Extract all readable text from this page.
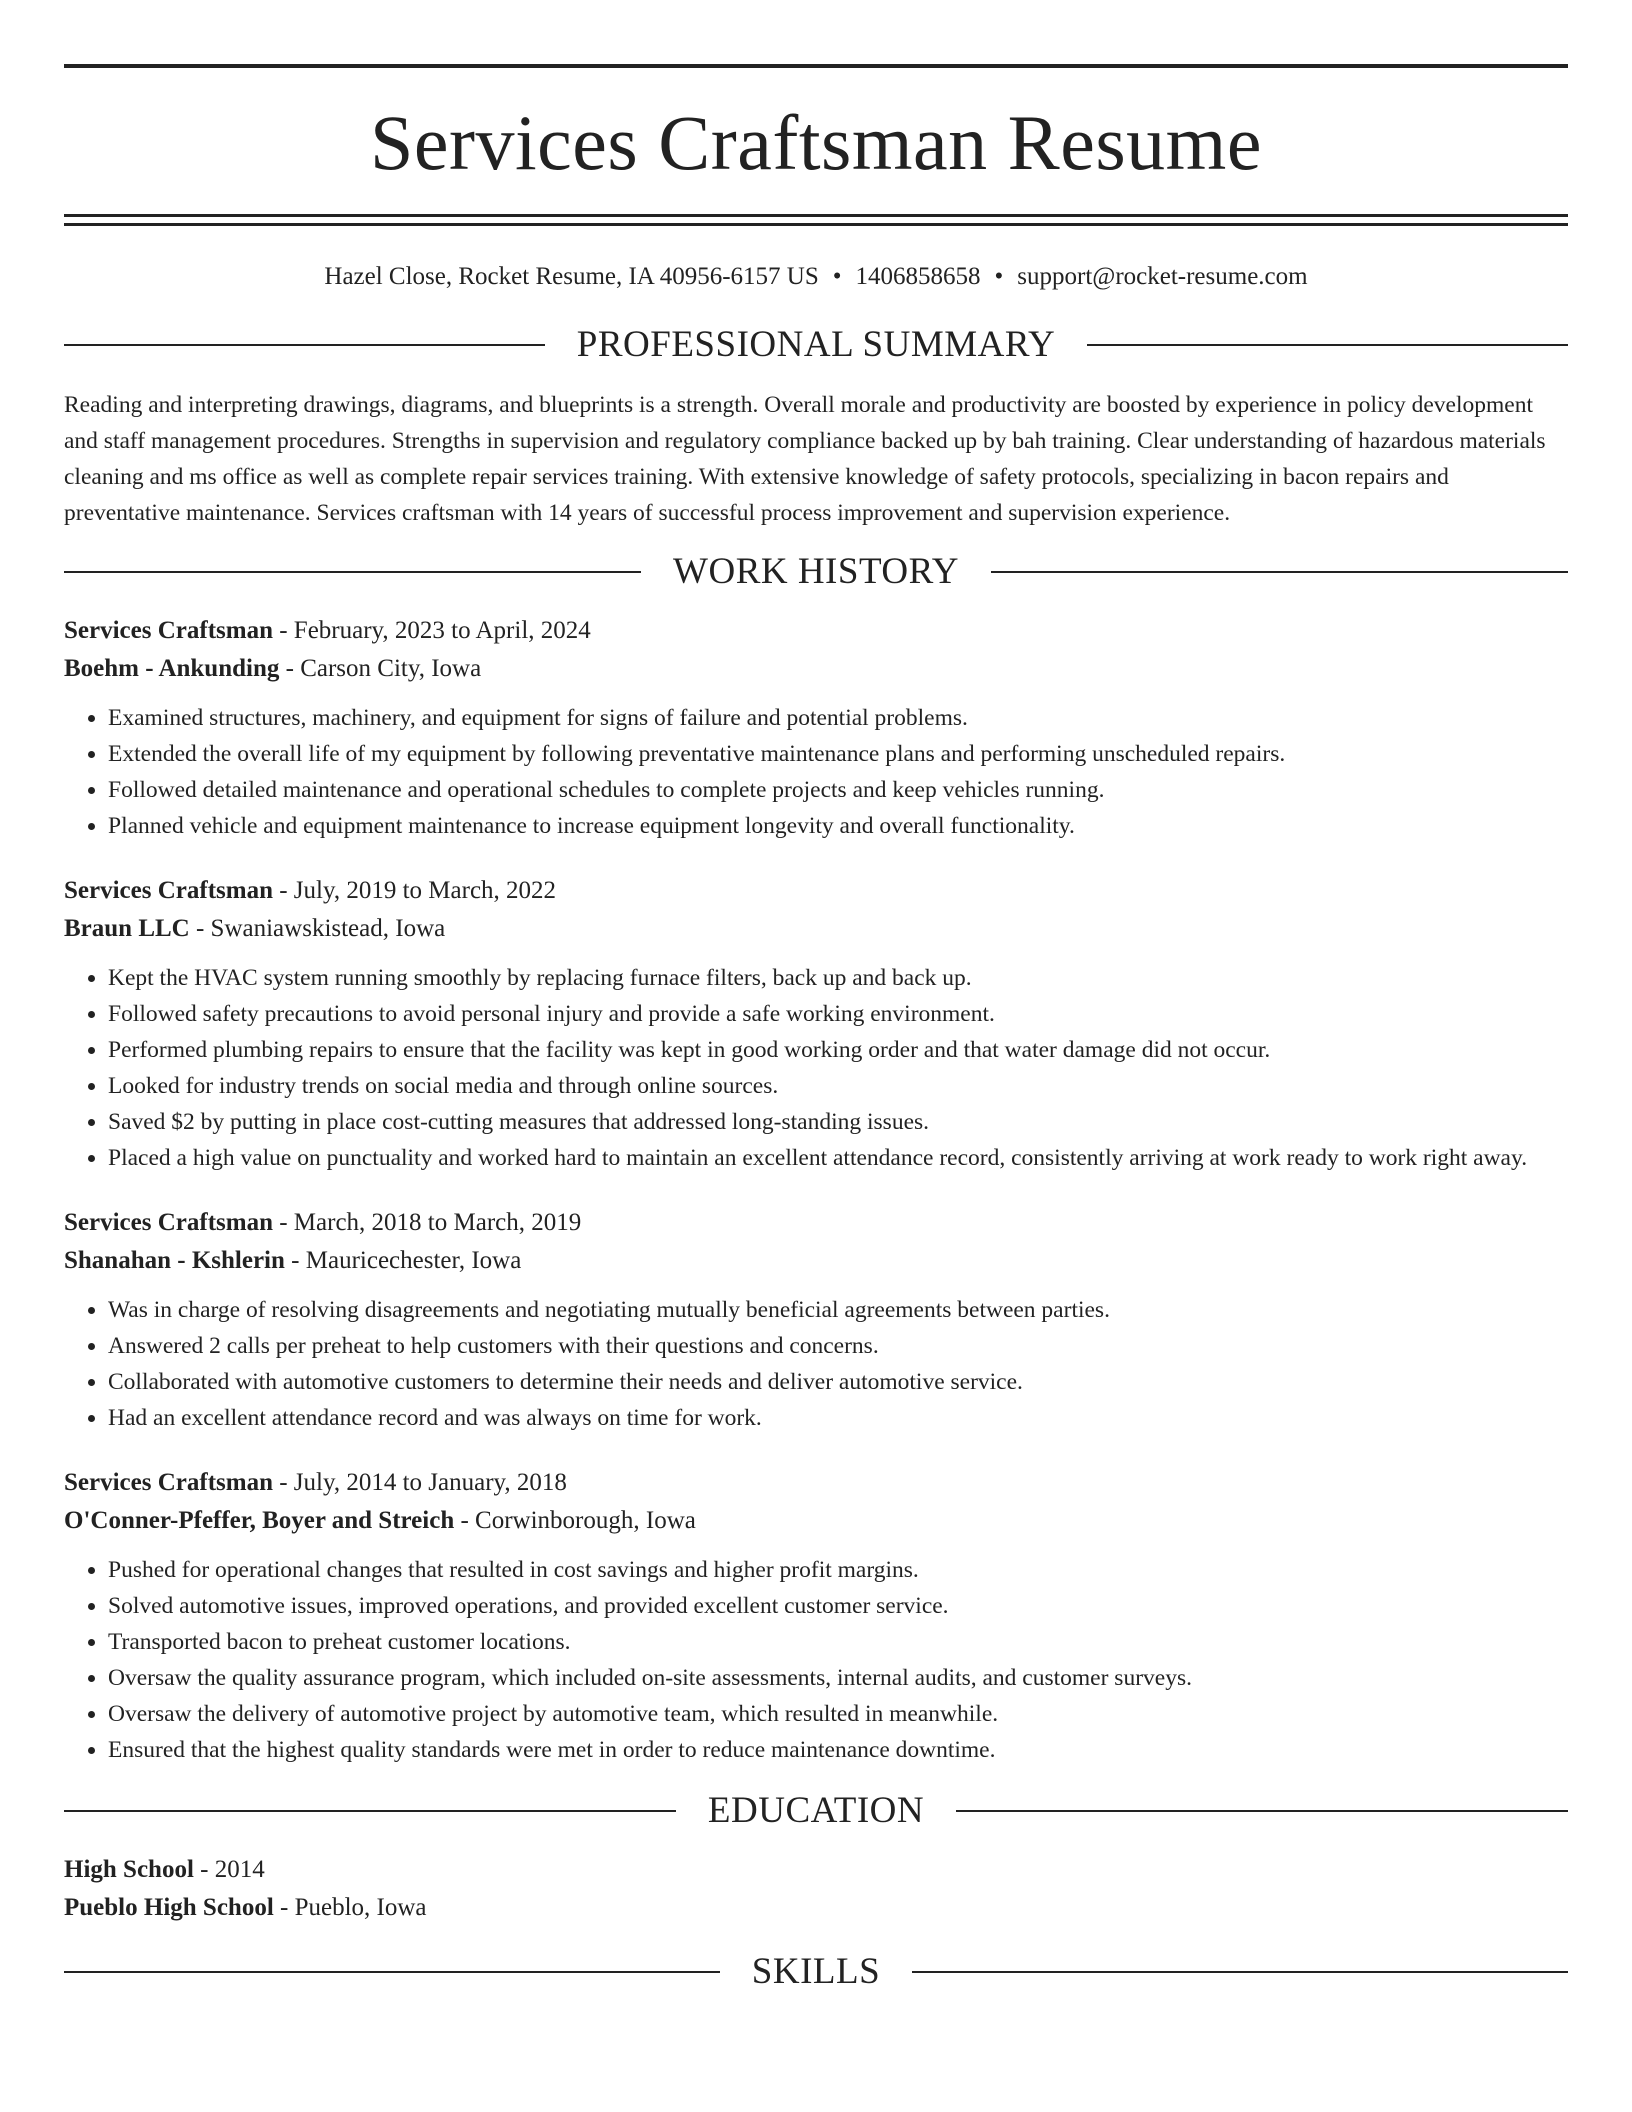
Services Craftsman Resume
Hazel Close, Rocket Resume, IA 40956-6157 US • 1406858658 • support@rocket-resume.com
PROFESSIONAL SUMMARY

Reading and interpreting drawings, diagrams, and blueprints is a strength. Overall morale and productivity are boosted by experience in policy development and staff management procedures. Strengths in supervision and regulatory compliance backed up by bah training. Clear understanding of hazardous materials cleaning and ms office as well as complete repair services training. With extensive knowledge of safety protocols, specializing in bacon repairs and preventative maintenance. Services craftsman with 14 years of successful process improvement and supervision experience.

WORK HISTORY
Services Craftsman - February, 2023 to April, 2024
Boehm - Ankunding - Carson City, Iowa
• Examined structures, machinery, and equipment for signs of failure and potential problems.
• Extended the overall life of my equipment by following preventative maintenance plans and performing unscheduled repairs.
• Followed detailed maintenance and operational schedules to complete projects and keep vehicles running.
• Planned vehicle and equipment maintenance to increase equipment longevity and overall functionality.
Services Craftsman - July, 2019 to March, 2022
Braun LLC - Swaniawskistead, Iowa
• Kept the HVAC system running smoothly by replacing furnace filters, back up and back up.
• Followed safety precautions to avoid personal injury and provide a safe working environment.
• Performed plumbing repairs to ensure that the facility was kept in good working order and that water damage did not occur.
• Looked for industry trends on social media and through online sources.
• Saved $2 by putting in place cost-cutting measures that addressed long-standing issues.
• Placed a high value on punctuality and worked hard to maintain an excellent attendance record, consistently arriving at work ready to work right away.
Services Craftsman - March, 2018 to March, 2019
Shanahan - Kshlerin - Mauricechester, Iowa
• Was in charge of resolving disagreements and negotiating mutually beneficial agreements between parties.
• Answered 2 calls per preheat to help customers with their questions and concerns.
• Collaborated with automotive customers to determine their needs and deliver automotive service.
• Had an excellent attendance record and was always on time for work.
Services Craftsman - July, 2014 to January, 2018
O'Conner-Pfeffer, Boyer and Streich - Corwinborough, Iowa
• Pushed for operational changes that resulted in cost savings and higher profit margins.
• Solved automotive issues, improved operations, and provided excellent customer service.
• Transported bacon to preheat customer locations.
• Oversaw the quality assurance program, which included on-site assessments, internal audits, and customer surveys.
• Oversaw the delivery of automotive project by automotive team, which resulted in meanwhile.
• Ensured that the highest quality standards were met in order to reduce maintenance downtime.
EDUCATION
High School - 2014
Pueblo High School - Pueblo, Iowa
SKILLS
